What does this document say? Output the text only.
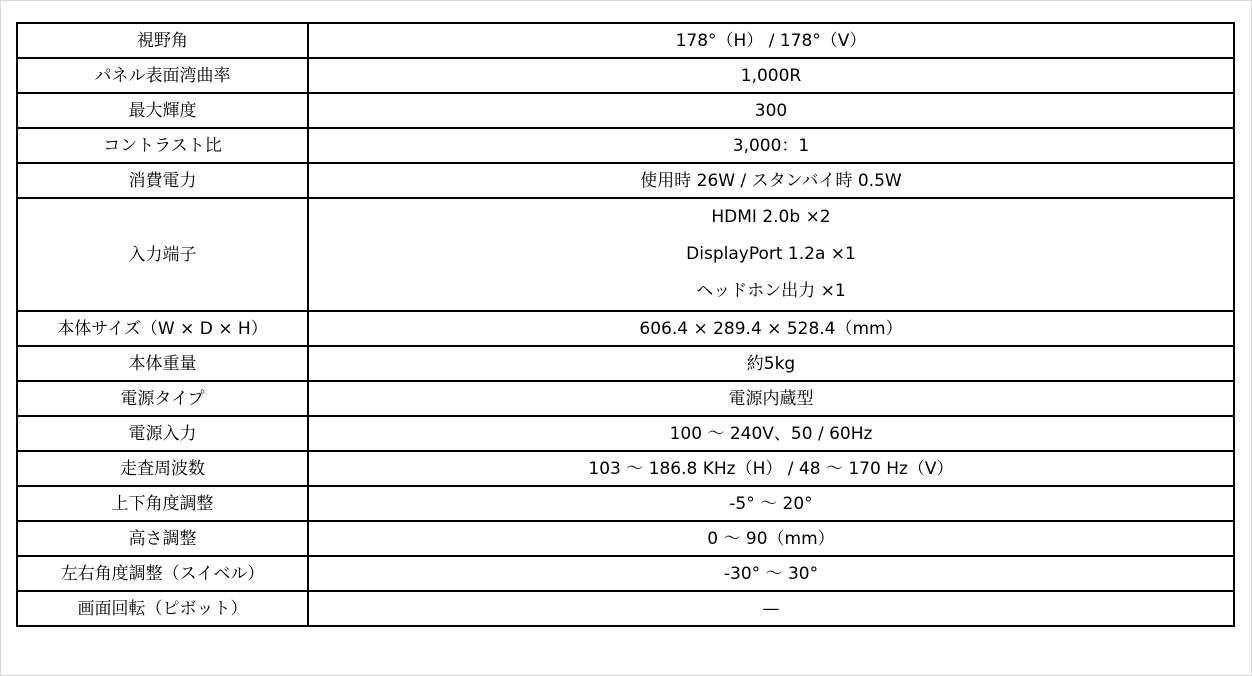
視野角	178°（H） / 178°（V）
パネル表面湾曲率	1,000R
最大輝度	300
コントラスト比	3,000：1
消費電力	使用時 26W / スタンバイ時 0.5W
入力端子	HDMI 2.0b ×2
DisplayPort 1.2a ×1
ヘッドホン出力 ×1

本体サイズ（W × D × H）	606.4 × 289.4 × 528.4（mm）
本体重量	約5kg
電源タイプ	電源内蔵型
電源入力	100 ～ 240V、50 / 60Hz
走査周波数	103 ～ 186.8 KHz（H） / 48 ～ 170 Hz（V）
上下角度調整	-5° ～ 20°
高さ調整	0 ～ 90（mm）
左右角度調整（スイベル）	-30° ～ 30°
画面回転（ピボット）	—
